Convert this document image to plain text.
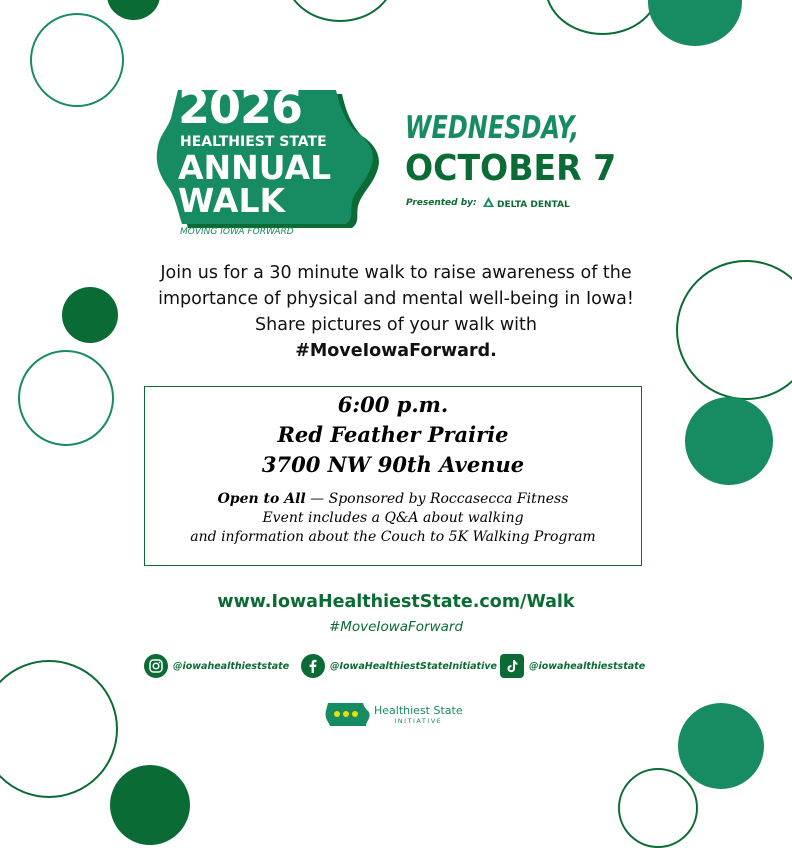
2026
HEALTHIEST STATE
ANNUAL
WALK
MOVING IOWA FORWARD
WEDNESDAY,
OCTOBER 7
Presented by:	DELTA DENTAL
Join us for a 30 minute walk to raise awareness of the importance of physical and mental well-being in Iowa! Share pictures of your walk with
#MoveIowaForward.
6:00 p.m.
Red Feather Prairie
3700 NW 90th Avenue
Open to All — Sponsored by Roccasecca Fitness
Event includes a Q&A about walking
and information about the Couch to 5K Walking Program
www.IowaHealthiestState.com/Walk
#MoveIowaForward
@iowahealthieststate	@IowaHealthiestStateInitiative	@iowahealthieststate
Healthiest State
INITIATIVE
